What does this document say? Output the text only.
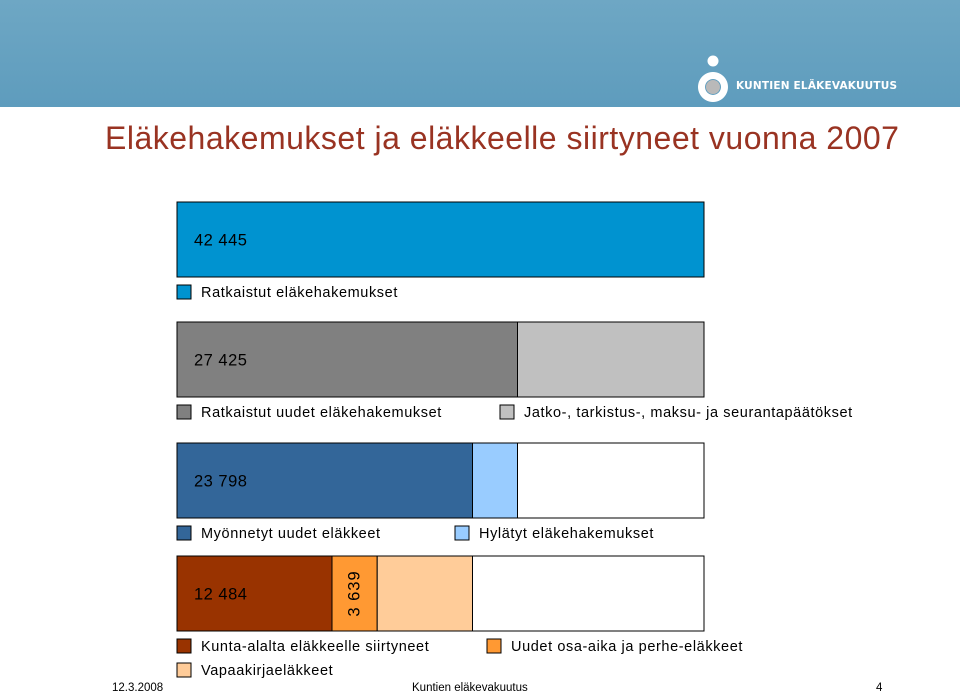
KUNTIEN ELÄKEVAKUUTUS
Eläkehakemukset ja eläkkeelle siirtyneet vuonna 2007
42 445
27 425
23 798
3 639
12 484
Ratkaistut eläkehakemukset
Ratkaistut uudet eläkehakemukset	Jatko-, tarkistus-, maksu- ja seurantapäätökset
Myönnetyt uudet eläkkeet	Hylätyt eläkehakemukset
Kunta-alalta eläkkeelle siirtyneet	Uudet osa-aika ja perhe-eläkkeet
Vapaakirjaeläkkeet
12.3.2008	Kuntien eläkevakuutus	4
